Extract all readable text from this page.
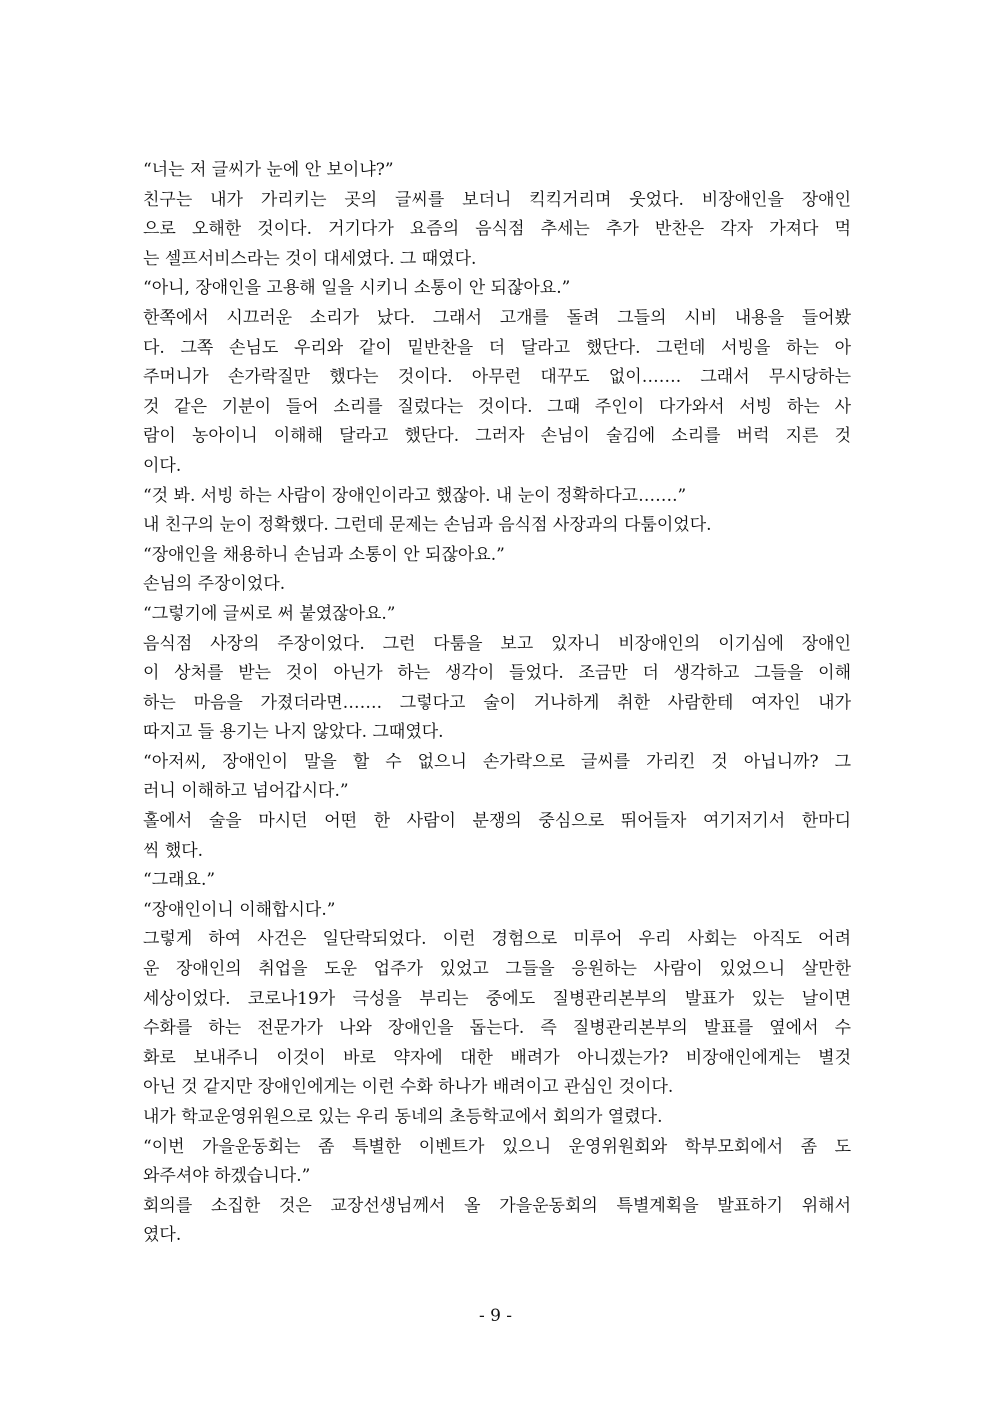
“너는 저 글씨가 눈에 안 보이냐?”
친구는 내가 가리키는 곳의 글씨를 보더니 킥킥거리며 웃었다. 비장애인을 장애인
으로 오해한 것이다. 거기다가 요즘의 음식점 추세는 추가 반찬은 각자 가져다 먹
는 셀프서비스라는 것이 대세였다. 그 때였다.
“아니, 장애인을 고용해 일을 시키니 소통이 안 되잖아요.”
한쪽에서 시끄러운 소리가 났다. 그래서 고개를 돌려 그들의 시비 내용을 들어봤
다. 그쪽 손님도 우리와 같이 밑반찬을 더 달라고 했단다. 그런데 서빙을 하는 아
주머니가 손가락질만 했다는 것이다. 아무런 대꾸도 없이……. 그래서 무시당하는
것 같은 기분이 들어 소리를 질렀다는 것이다. 그때 주인이 다가와서 서빙 하는 사
람이 농아이니 이해해 달라고 했단다. 그러자 손님이 술김에 소리를 버럭 지른 것
이다.
“것 봐. 서빙 하는 사람이 장애인이라고 했잖아. 내 눈이 정확하다고…….”
내 친구의 눈이 정확했다. 그런데 문제는 손님과 음식점 사장과의 다툼이었다.
“장애인을 채용하니 손님과 소통이 안 되잖아요.”
손님의 주장이었다.
“그렇기에 글씨로 써 붙였잖아요.”
음식점 사장의 주장이었다. 그런 다툼을 보고 있자니 비장애인의 이기심에 장애인
이 상처를 받는 것이 아닌가 하는 생각이 들었다. 조금만 더 생각하고 그들을 이해
하는 마음을 가졌더라면……. 그렇다고 술이 거나하게 취한 사람한테 여자인 내가
따지고 들 용기는 나지 않았다. 그때였다.
“아저씨, 장애인이 말을 할 수 없으니 손가락으로 글씨를 가리킨 것 아닙니까? 그
러니 이해하고 넘어갑시다.”
홀에서 술을 마시던 어떤 한 사람이 분쟁의 중심으로 뛰어들자 여기저기서 한마디
씩 했다.
“그래요.”
“장애인이니 이해합시다.”
그렇게 하여 사건은 일단락되었다. 이런 경험으로 미루어 우리 사회는 아직도 어려
운 장애인의 취업을 도운 업주가 있었고 그들을 응원하는 사람이 있었으니 살만한
세상이었다. 코로나19가 극성을 부리는 중에도 질병관리본부의 발표가 있는 날이면
수화를 하는 전문가가 나와 장애인을 돕는다. 즉 질병관리본부의 발표를 옆에서 수
화로 보내주니 이것이 바로 약자에 대한 배려가 아니겠는가? 비장애인에게는 별것
아닌 것 같지만 장애인에게는 이런 수화 하나가 배려이고 관심인 것이다.
내가 학교운영위원으로 있는 우리 동네의 초등학교에서 회의가 열렸다.
“이번 가을운동회는 좀 특별한 이벤트가 있으니 운영위원회와 학부모회에서 좀 도
와주셔야 하겠습니다.”
회의를 소집한 것은 교장선생님께서 올 가을운동회의 특별계획을 발표하기 위해서
였다.
- 9 -
